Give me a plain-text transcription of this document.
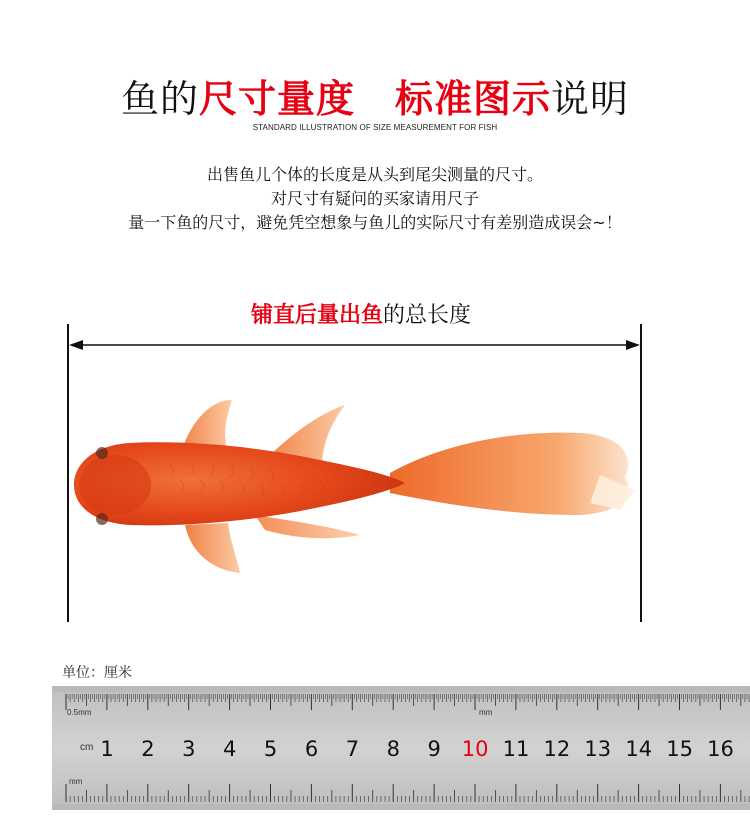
鱼的尺寸量度 标准图示说明
STANDARD ILLUSTRATION OF SIZE MEASUREMENT FOR FISH
出售鱼儿个体的长度是从头到尾尖测量的尺寸。
对尺寸有疑问的买家请用尺子
量一下鱼的尺寸，避免凭空想象与鱼儿的实际尺寸有差别造成误会~！
铺直后量出鱼的总长度
单位：厘米
1 2 3 4 5 6 7 8 9 10 11 12 13 14 15 16
0.5mm	mm
cm
mm
